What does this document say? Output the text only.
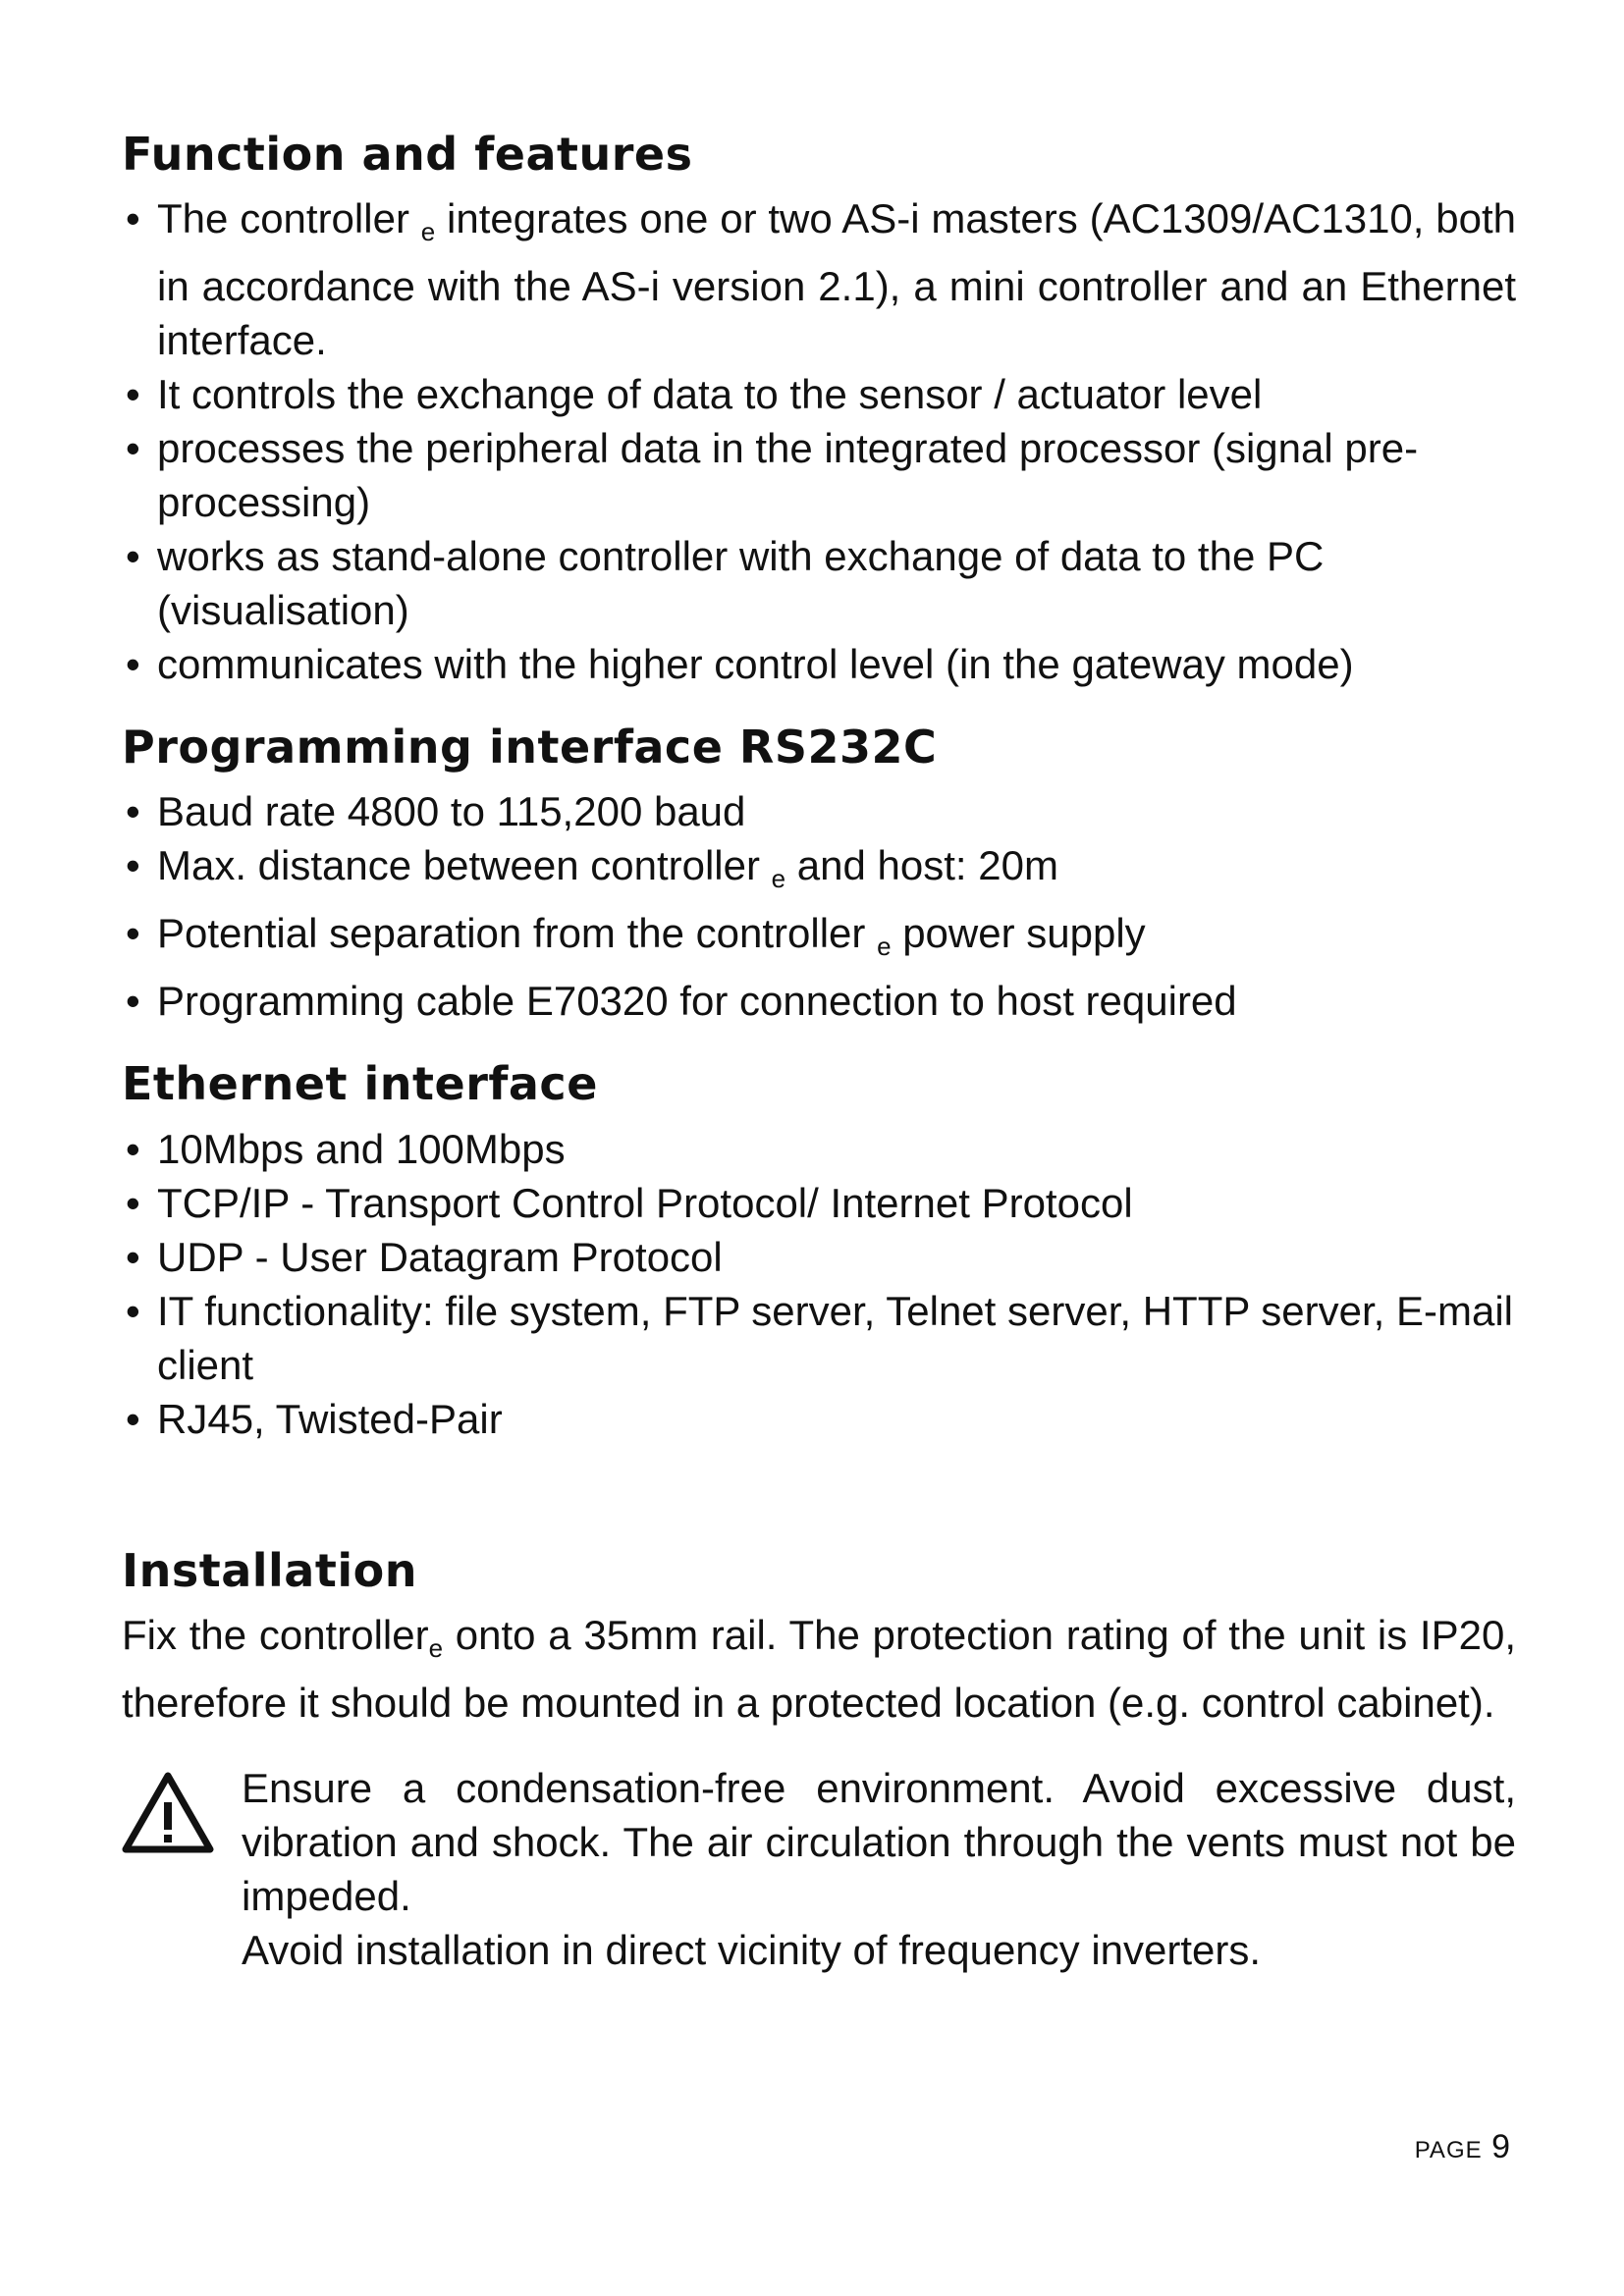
Function and features
• The controller $_e$ integrates one or two AS-i masters (AC1309/AC1310, both in accordance with the AS-i version 2.1), a mini controller and an Ethernet interface.
• It controls the exchange of data to the sensor / actuator level
• processes the peripheral data in the integrated processor (signal pre-processing)
• works as stand-alone controller with exchange of data to the PC (visualisation)
• communicates with the higher control level (in the gateway mode)
Programming interface RS232C
• Baud rate 4800 to 115,200 baud
• Max. distance between controller $_e$ and host: 20m
• Potential separation from the controller $_e$ power supply
• Programming cable E70320 for connection to host required
Ethernet interface
• 10Mbps and 100Mbps
• TCP/IP - Transport Control Protocol/ Internet Protocol
• UDP - User Datagram Protocol
• IT functionality: file system, FTP server, Telnet server, HTTP server, E-mail client
• RJ45, Twisted-Pair
Installation

Fix the controller$_e$ onto a 35mm rail. The protection rating of the unit is IP20, therefore it should be mounted in a protected location (e.g. control cabinet).

Ensure a condensation-free environment. Avoid excessive dust, vibration and shock. The air circulation through the vents must not be impeded.

Avoid installation in direct vicinity of frequency inverters.

PAGE 9
